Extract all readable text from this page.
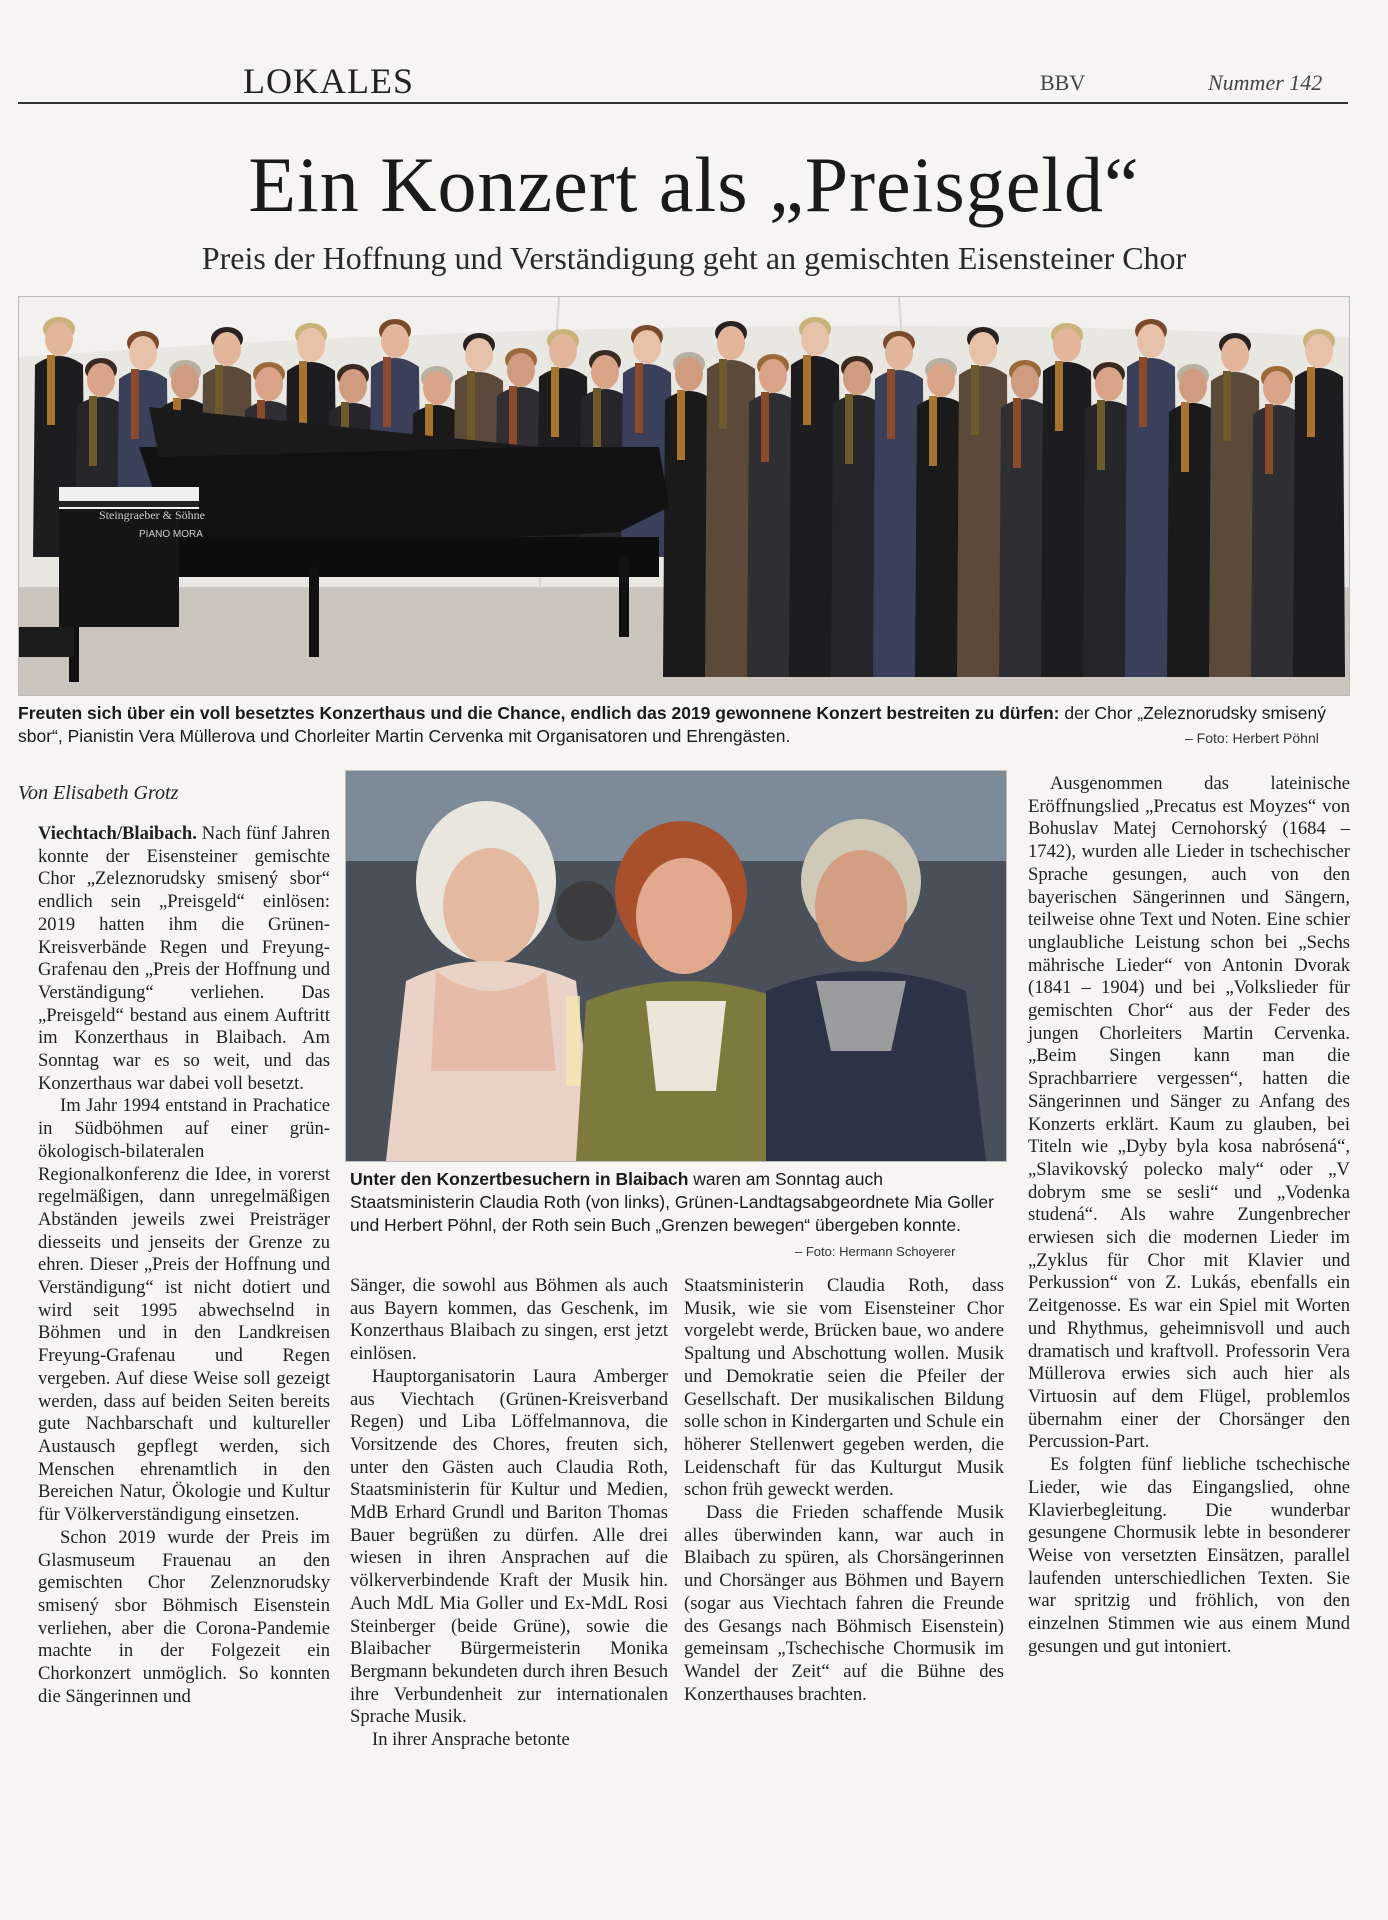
LOKALES	BBV	Nummer 142
Ein Konzert als „Preisgeld“
Preis der Hoffnung und Verständigung geht an gemischten Eisensteiner Chor
Steingraeber & Söhne
PIANO MORA
Freuten sich über ein voll besetztes Konzerthaus und die Chance, endlich das 2019 gewonnene Konzert bestreiten zu dürfen: der Chor „Zeleznorudsky smisený sbor“, Pianistin Vera Müllerova und Chorleiter Martin Cervenka mit Organisatoren und Ehrengästen.	– Foto: Herbert Pöhnl
Unter den Konzertbesuchern in Blaibach waren am Sonntag auch Staatsministerin Claudia Roth (von links), Grünen-Landtagsabgeordnete Mia Goller und Herbert Pöhnl, der Roth sein Buch „Grenzen bewegen“ übergeben konnte.
– Foto: Hermann Schoyerer
Von Elisabeth Grotz

Viechtach/Blaibach. Nach fünf Jahren konnte der Eisensteiner gemischte Chor „Zeleznorudsky smisený sbor“ endlich sein „Preisgeld“ einlösen: 2019 hatten ihm die Grünen-Kreisverbände Regen und Freyung-Grafenau den „Preis der Hoffnung und Verständigung“ verliehen. Das „Preisgeld“ bestand aus einem Auftritt im Konzerthaus in Blaibach. Am Sonntag war es so weit, und das Konzerthaus war dabei voll besetzt.

Im Jahr 1994 entstand in Prachatice in Südböhmen auf einer grün-ökologisch-bilateralen Regionalkonferenz die Idee, in vorerst regelmäßigen, dann unregelmäßigen Abständen jeweils zwei Preisträger diesseits und jenseits der Grenze zu ehren. Dieser „Preis der Hoffnung und Verständigung“ ist nicht dotiert und wird seit 1995 abwechselnd in Böhmen und in den Landkreisen Freyung-Grafenau und Regen vergeben. Auf diese Weise soll gezeigt werden, dass auf beiden Seiten bereits gute Nachbarschaft und kultureller Austausch gepflegt werden, sich Menschen ehrenamtlich in den Bereichen Natur, Ökologie und Kultur für Völkerverständigung einsetzen.

Schon 2019 wurde der Preis im Glasmuseum Frauenau an den gemischten Chor Zelenznorudsky smisený sbor Böhmisch Eisenstein verliehen, aber die Corona-Pandemie machte in der Folgezeit ein Chorkonzert unmöglich. So konnten die Sängerinnen und

Sänger, die sowohl aus Böhmen als auch aus Bayern kommen, das Geschenk, im Konzerthaus Blaibach zu singen, erst jetzt einlösen.

Hauptorganisatorin Laura Amberger aus Viechtach (Grünen-Kreisverband Regen) und Liba Löffelmannova, die Vorsitzende des Chores, freuten sich, unter den Gästen auch Claudia Roth, Staatsministerin für Kultur und Medien, MdB Erhard Grundl und Bariton Thomas Bauer begrüßen zu dürfen. Alle drei wiesen in ihren Ansprachen auf die völkerverbindende Kraft der Musik hin. Auch MdL Mia Goller und Ex-MdL Rosi Steinberger (beide Grüne), sowie die Blaibacher Bürgermeisterin Monika Bergmann bekundeten durch ihren Besuch ihre Verbundenheit zur internationalen Sprache Musik.

In ihrer Ansprache betonte

Staatsministerin Claudia Roth, dass Musik, wie sie vom Eisensteiner Chor vorgelebt werde, Brücken baue, wo andere Spaltung und Abschottung wollen. Musik und Demokratie seien die Pfeiler der Gesellschaft. Der musikalischen Bildung solle schon in Kindergarten und Schule ein höherer Stellenwert gegeben werden, die Leidenschaft für das Kulturgut Musik schon früh geweckt werden.

Dass die Frieden schaffende Musik alles überwinden kann, war auch in Blaibach zu spüren, als Chorsängerinnen und Chorsänger aus Böhmen und Bayern (sogar aus Viechtach fahren die Freunde des Gesangs nach Böhmisch Eisenstein) gemeinsam „Tschechische Chormusik im Wandel der Zeit“ auf die Bühne des Konzerthauses brachten.

Ausgenommen das lateinische Eröffnungslied „Precatus est Moyzes“ von Bohuslav Matej Cernohorský (1684 – 1742), wurden alle Lieder in tschechischer Sprache gesungen, auch von den bayerischen Sängerinnen und Sängern, teilweise ohne Text und Noten. Eine schier unglaubliche Leistung schon bei „Sechs mährische Lieder“ von Antonin Dvorak (1841 – 1904) und bei „Volkslieder für gemischten Chor“ aus der Feder des jungen Chorleiters Martin Cervenka. „Beim Singen kann man die Sprachbarriere vergessen“, hatten die Sängerinnen und Sänger zu Anfang des Konzerts erklärt. Kaum zu glauben, bei Titeln wie „Dyby byla kosa nabrósená“, „Slavikovský polecko maly“ oder „V dobrym sme se sesli“ und „Vodenka studená“. Als wahre Zungenbrecher erwiesen sich die modernen Lieder im „Zyklus für Chor mit Klavier und Perkussion“ von Z. Lukás, ebenfalls ein Zeitgenosse. Es war ein Spiel mit Worten und Rhythmus, geheimnisvoll und auch dramatisch und kraftvoll. Professorin Vera Müllerova erwies sich auch hier als Virtuosin auf dem Flügel, problemlos übernahm einer der Chorsänger den Percussion-Part.

Es folgten fünf liebliche tschechische Lieder, wie das Eingangslied, ohne Klavierbegleitung. Die wunderbar gesungene Chormusik lebte in besonderer Weise von versetzten Einsätzen, parallel laufenden unterschiedlichen Texten. Sie war spritzig und fröhlich, von den einzelnen Stimmen wie aus einem Mund gesungen und gut intoniert.
